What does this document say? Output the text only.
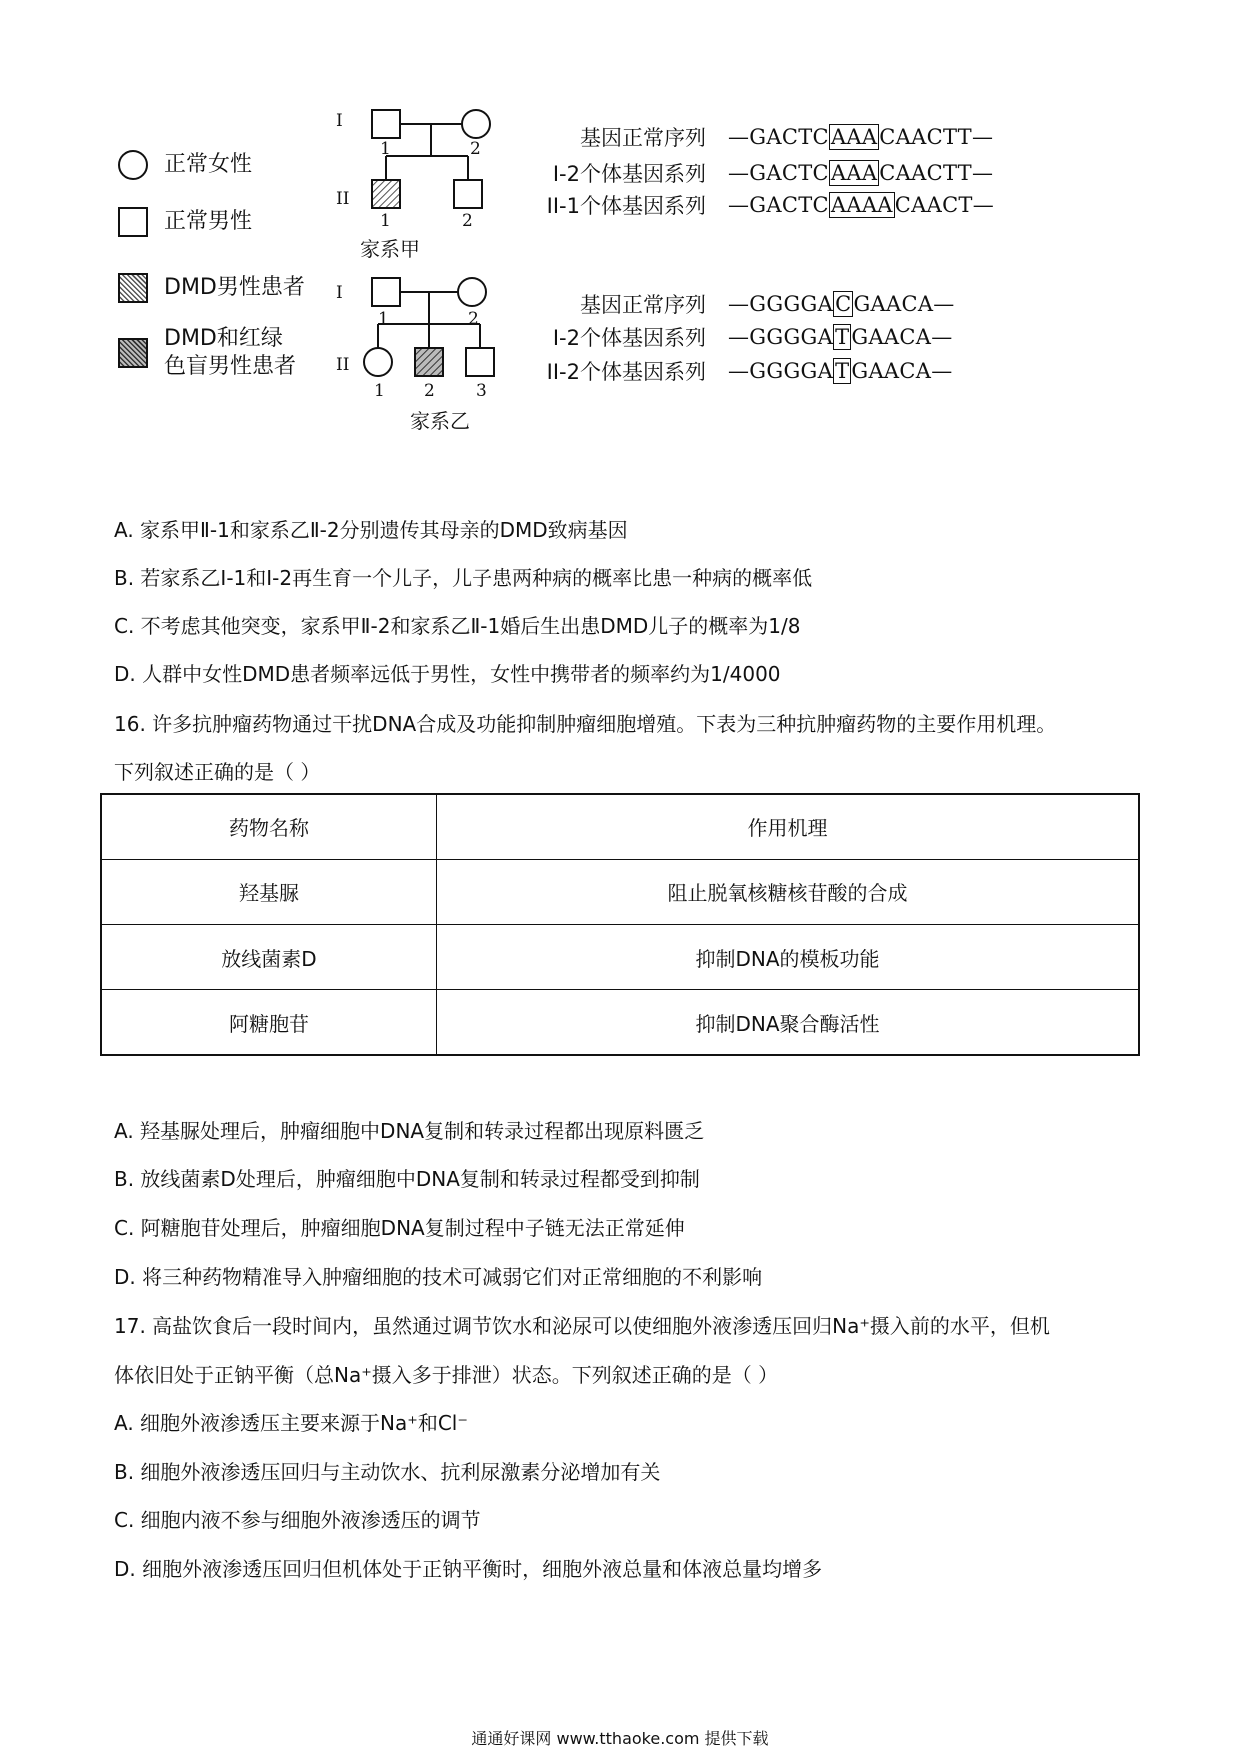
正常女性
正常男性
DMD男性患者
DMD和红绿
色盲男性患者
I
II
1	2
1	2
家系甲
I
II
1	2
1 2 3
家系乙
基因正常序列 —GACTCAAACAACTT—
I-2个体基因系列 —GACTCAAACAACTT—
II-1个体基因系列 —GACTCAAAACAACT—
基因正常序列 —GGGGACGAACA—
I-2个体基因系列 —GGGGATGAACA—
II-2个体基因系列 —GGGGATGAACA—
A. 家系甲Ⅱ-1和家系乙Ⅱ-2分别遗传其母亲的DMD致病基因
B. 若家系乙Ⅰ-1和Ⅰ-2再生育一个儿子，儿子患两种病的概率比患一种病的概率低
C. 不考虑其他突变，家系甲Ⅱ-2和家系乙Ⅱ-1婚后生出患DMD儿子的概率为1/8
D. 人群中女性DMD患者频率远低于男性，女性中携带者的频率约为1/4000
16. 许多抗肿瘤药物通过干扰DNA合成及功能抑制肿瘤细胞增殖。下表为三种抗肿瘤药物的主要作用机理。
下列叙述正确的是（ ）
药物名称	作用机理
羟基脲	阻止脱氧核糖核苷酸的合成
放线菌素D	抑制DNA的模板功能
阿糖胞苷	抑制DNA聚合酶活性
A. 羟基脲处理后，肿瘤细胞中DNA复制和转录过程都出现原料匮乏
B. 放线菌素D处理后，肿瘤细胞中DNA复制和转录过程都受到抑制
C. 阿糖胞苷处理后，肿瘤细胞DNA复制过程中子链无法正常延伸
D. 将三种药物精准导入肿瘤细胞的技术可减弱它们对正常细胞的不利影响
17. 高盐饮食后一段时间内，虽然通过调节饮水和泌尿可以使细胞外液渗透压回归Na⁺摄入前的水平，但机
体依旧处于正钠平衡（总Na⁺摄入多于排泄）状态。下列叙述正确的是（ ）
A. 细胞外液渗透压主要来源于Na⁺和Cl⁻
B. 细胞外液渗透压回归与主动饮水、抗利尿激素分泌增加有关
C. 细胞内液不参与细胞外液渗透压的调节
D. 细胞外液渗透压回归但机体处于正钠平衡时，细胞外液总量和体液总量均增多
通通好课网 www.tthaoke.com 提供下载
